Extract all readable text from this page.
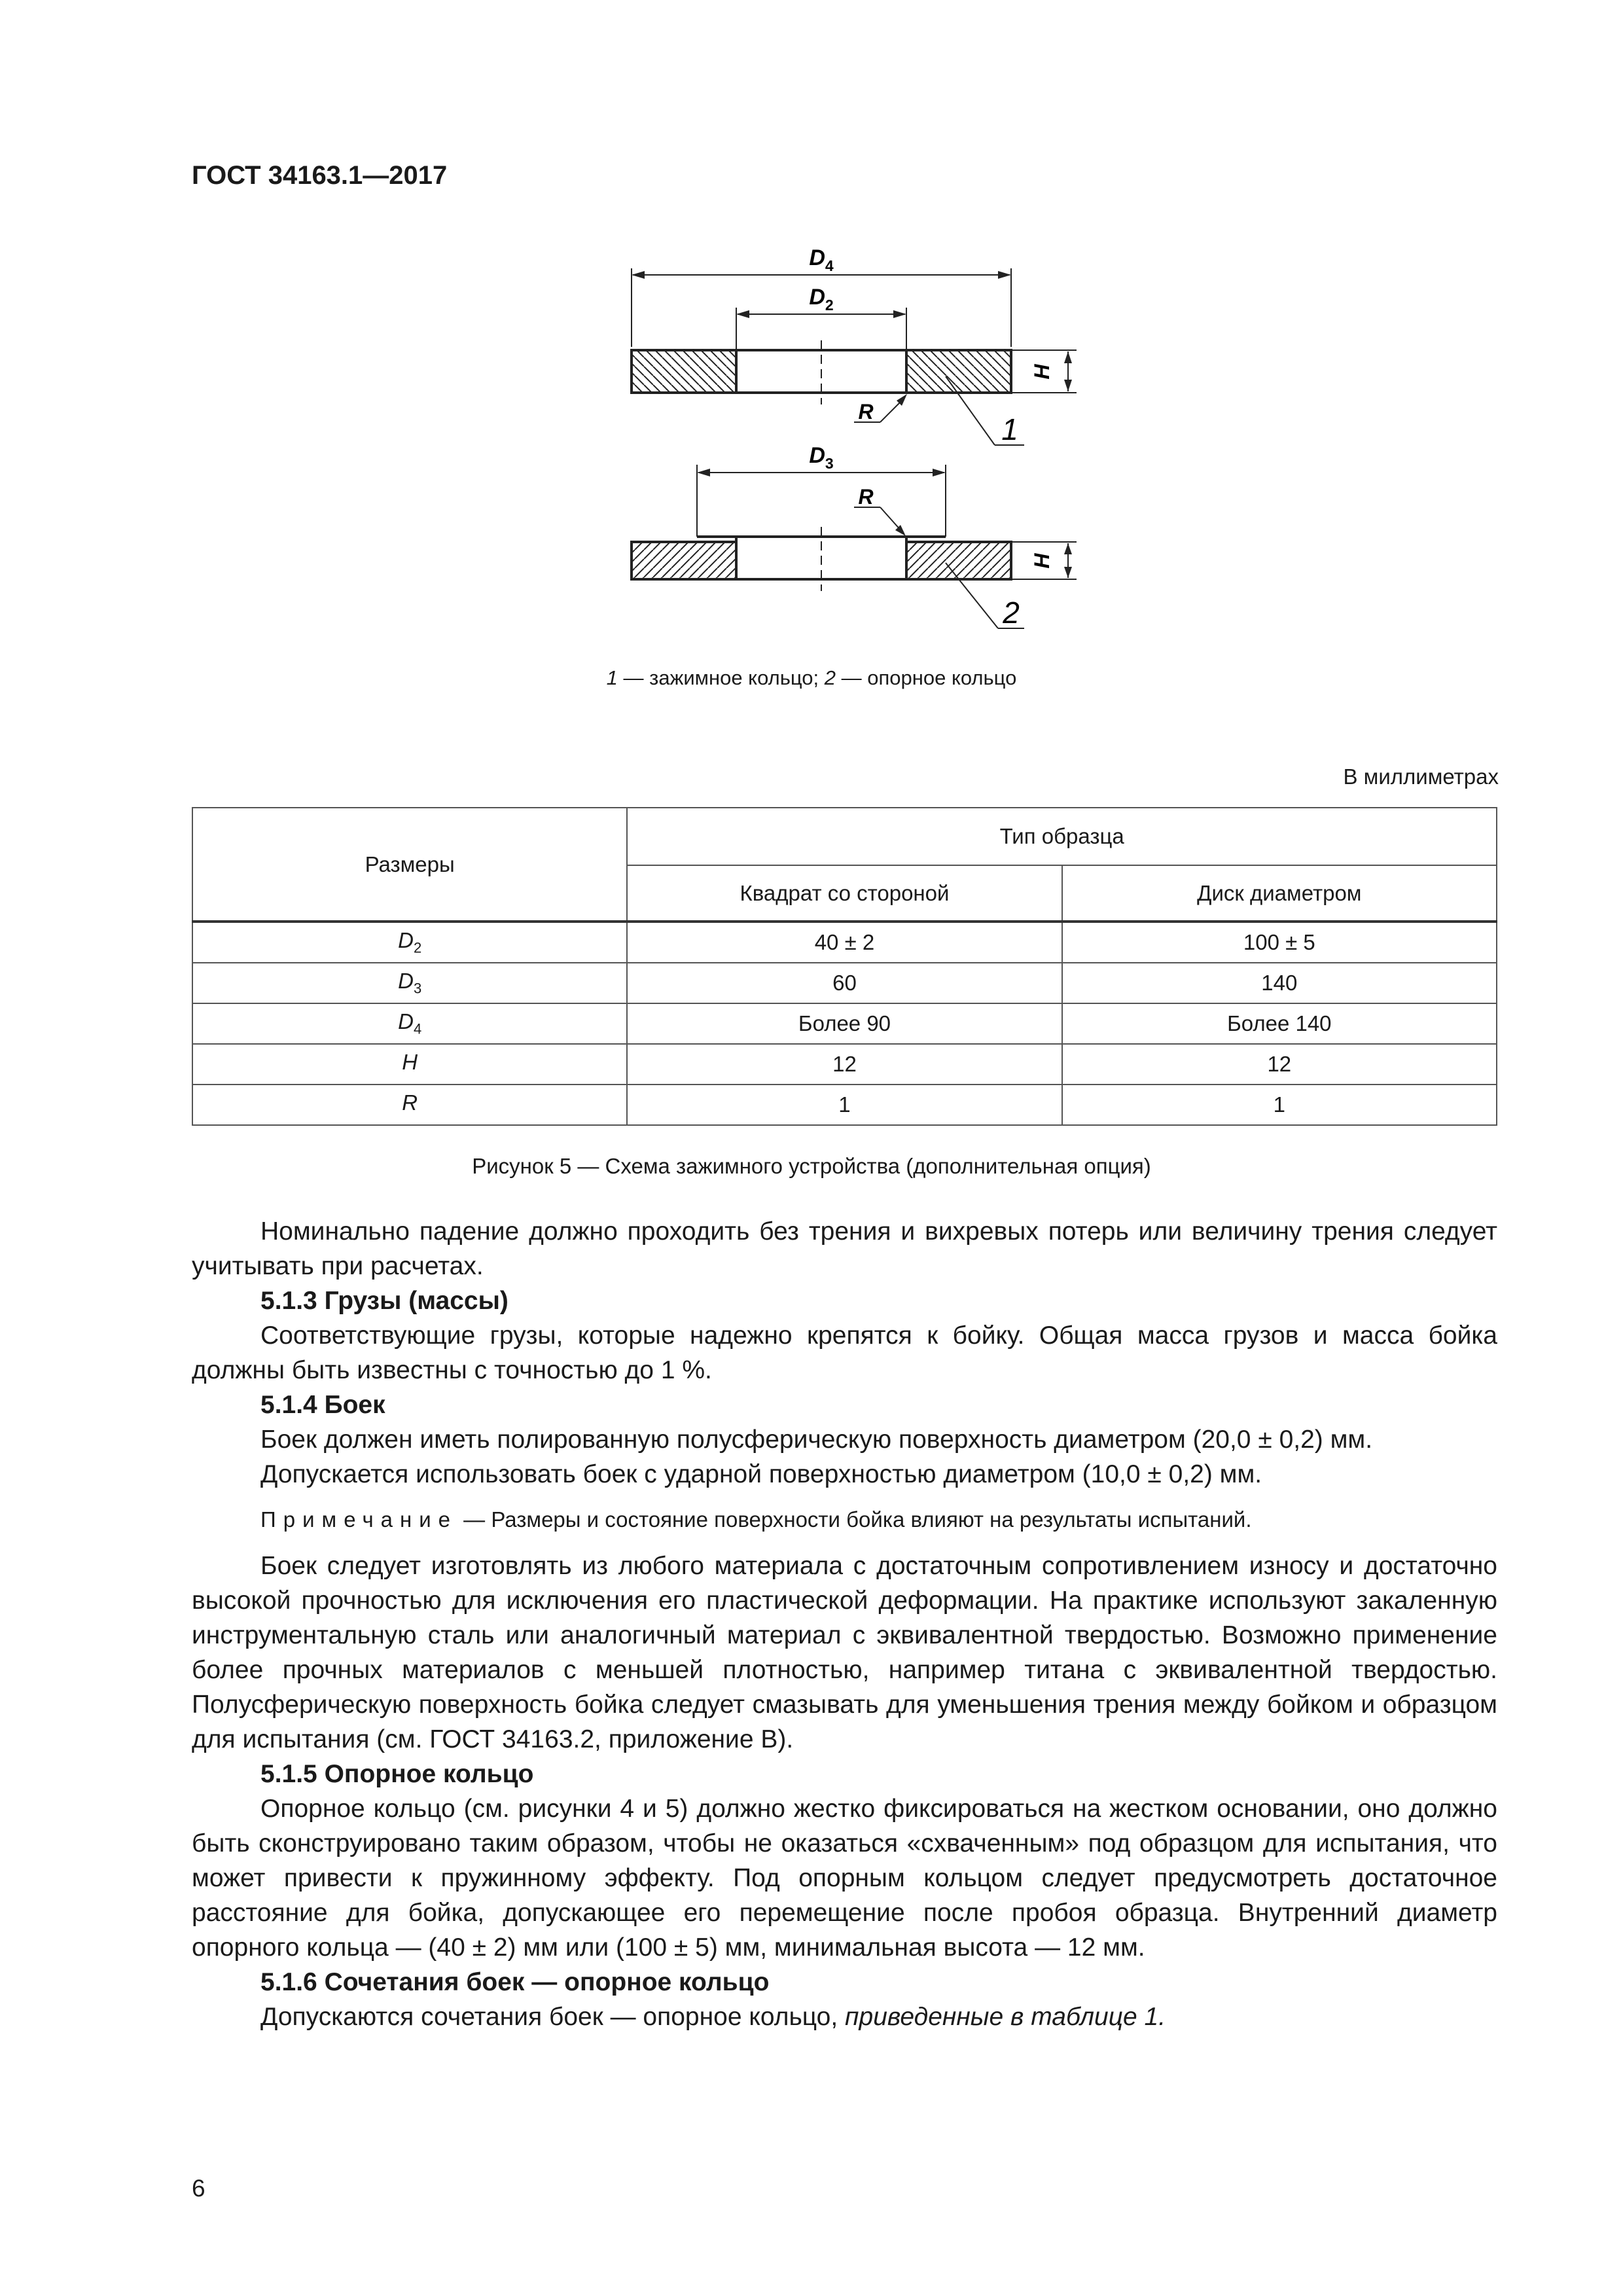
ГОСТ 34163.1—2017
$D_4$
$D_2$
H
R
1
$D_3$
H
R
2
1 — зажимное кольцо; 2 — опорное кольцо
В миллиметрах
Размеры	Тип образца	
	Квадрат со стороной	Диск диаметром
$D_2$	40 ± 2	100 ± 5
$D_3$	60	140
$D_4$	Более 90	Более 140
H	12	12
R	1	1
Рисунок 5 — Схема зажимного устройства (дополнительная опция)

Номинально падение должно проходить без трения и вихревых потерь или величину трения следует учитывать при расчетах.

5.1.3 Грузы (массы)

Соответствующие грузы, которые надежно крепятся к бойку. Общая масса грузов и масса бойка должны быть известны с точностью до 1 %.

5.1.4 Боек

Боек должен иметь полированную полусферическую поверхность диаметром (20,0 ± 0,2) мм.

Допускается использовать боек с ударной поверхностью диаметром (10,0 ± 0,2) мм.

Примечание — Размеры и состояние поверхности бойка влияют на результаты испытаний.

Боек следует изготовлять из любого материала с достаточным сопротивлением износу и достаточно высокой прочностью для исключения его пластической деформации. На практике используют закаленную инструментальную сталь или аналогичный материал с эквивалентной твердостью. Возможно применение более прочных материалов с меньшей плотностью, например титана с эквивалентной твердостью. Полусферическую поверхность бойка следует смазывать для уменьшения трения между бойком и образцом для испытания (см. ГОСТ 34163.2, приложение В).

5.1.5 Опорное кольцо

Опорное кольцо (см. рисунки 4 и 5) должно жестко фиксироваться на жестком основании, оно должно быть сконструировано таким образом, чтобы не оказаться «схваченным» под образцом для испытания, что может привести к пружинному эффекту. Под опорным кольцом следует предусмотреть достаточное расстояние для бойка, допускающее его перемещение после пробоя образца. Внутренний диаметр опорного кольца — (40 ± 2) мм или (100 ± 5) мм, минимальная высота — 12 мм.

5.1.6 Сочетания боек — опорное кольцо

Допускаются сочетания боек — опорное кольцо, приведенные в таблице 1.

6
